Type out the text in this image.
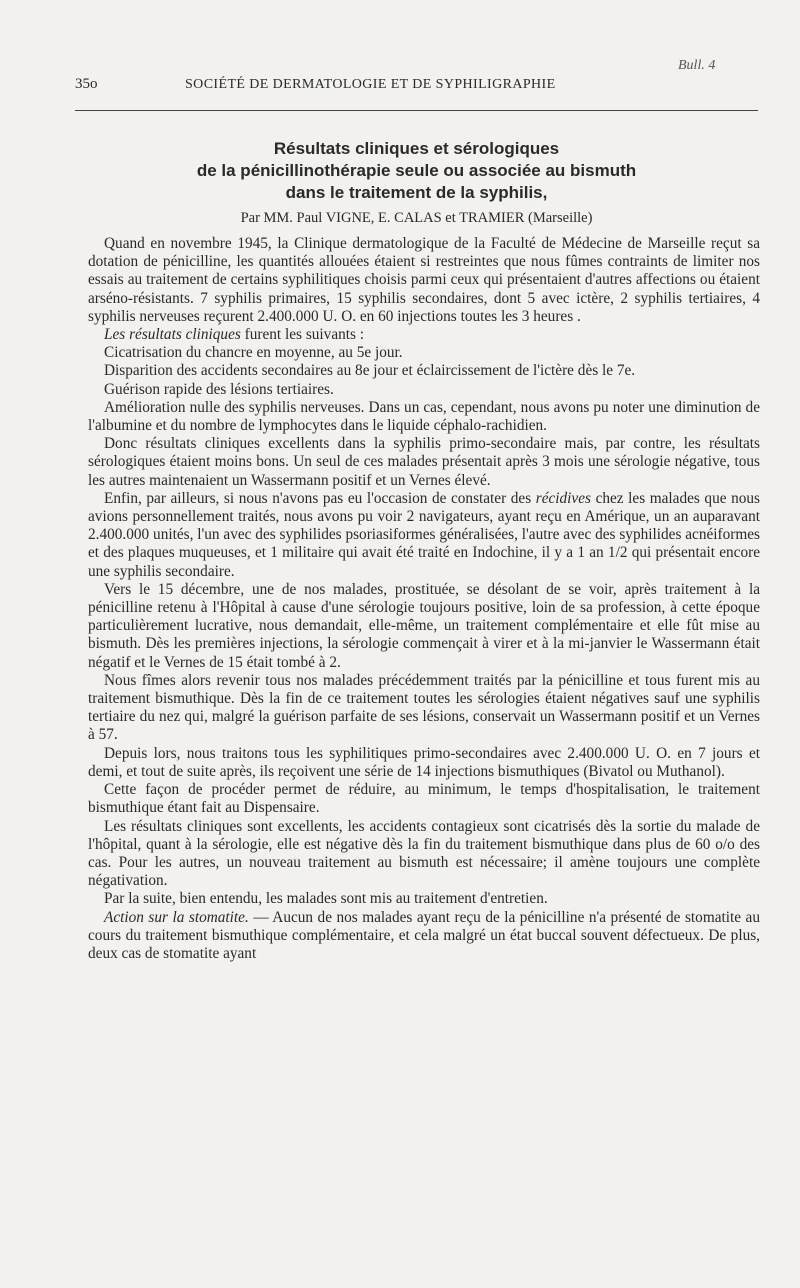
Bull. 4
35o	SOCIÉTÉ DE DERMATOLOGIE ET DE SYPHILIGRAPHIE
Résultats cliniques et sérologiques
de la pénicillinothérapie seule ou associée au bismuth
dans le traitement de la syphilis,
Par MM. Paul VIGNE, E. CALAS et TRAMIER (Marseille)

Quand en novembre 1945, la Clinique dermatologique de la Faculté de Médecine de Marseille reçut sa dotation de pénicilline, les quantités allouées étaient si restreintes que nous fûmes contraints de limiter nos essais au traitement de certains syphilitiques choisis parmi ceux qui présentaient d'autres affections ou étaient arséno-résistants. 7 syphilis primaires, 15 syphilis secondaires, dont 5 avec ictère, 2 syphilis tertiaires, 4 syphilis nerveuses reçurent 2.400.000 U. O. en 60 injections toutes les 3 heures .

Les résultats cliniques furent les suivants :

Cicatrisation du chancre en moyenne, au 5e jour.

Disparition des accidents secondaires au 8e jour et éclaircissement de l'ictère dès le 7e.

Guérison rapide des lésions tertiaires.

Amélioration nulle des syphilis nerveuses. Dans un cas, cependant, nous avons pu noter une diminution de l'albumine et du nombre de lymphocytes dans le liquide céphalo-rachidien.

Donc résultats cliniques excellents dans la syphilis primo-secondaire mais, par contre, les résultats sérologiques étaient moins bons. Un seul de ces malades présentait après 3 mois une sérologie négative, tous les autres maintenaient un Wassermann positif et un Vernes élevé.

Enfin, par ailleurs, si nous n'avons pas eu l'occasion de constater des récidives chez les malades que nous avions personnellement traités, nous avons pu voir 2 navigateurs, ayant reçu en Amérique, un an auparavant 2.400.000 unités, l'un avec des syphilides psoriasiformes généralisées, l'autre avec des syphilides acnéiformes et des plaques muqueuses, et 1 militaire qui avait été traité en Indochine, il y a 1 an 1/2 qui présentait encore une syphilis secondaire.

Vers le 15 décembre, une de nos malades, prostituée, se désolant de se voir, après traitement à la pénicilline retenu à l'Hôpital à cause d'une sérologie toujours positive, loin de sa profession, à cette époque particulièrement lucrative, nous demandait, elle-même, un traitement complémentaire et elle fût mise au bismuth. Dès les premières injections, la sérologie commençait à virer et à la mi-janvier le Wassermann était négatif et le Vernes de 15 était tombé à 2.

Nous fîmes alors revenir tous nos malades précédemment traités par la pénicilline et tous furent mis au traitement bismuthique. Dès la fin de ce traitement toutes les sérologies étaient négatives sauf une syphilis tertiaire du nez qui, malgré la guérison parfaite de ses lésions, conservait un Wassermann positif et un Vernes à 57.

Depuis lors, nous traitons tous les syphilitiques primo-secondaires avec 2.400.000 U. O. en 7 jours et demi, et tout de suite après, ils reçoivent une série de 14 injections bismuthiques (Bivatol ou Muthanol).

Cette façon de procéder permet de réduire, au minimum, le temps d'hospitalisation, le traitement bismuthique étant fait au Dispensaire.

Les résultats cliniques sont excellents, les accidents contagieux sont cicatrisés dès la sortie du malade de l'hôpital, quant à la sérologie, elle est négative dès la fin du traitement bismuthique dans plus de 60 o/o des cas. Pour les autres, un nouveau traitement au bismuth est nécessaire; il amène toujours une complète négativation.

Par la suite, bien entendu, les malades sont mis au traitement d'entretien.

Action sur la stomatite. — Aucun de nos malades ayant reçu de la pénicilline n'a présenté de stomatite au cours du traitement bismuthique complémentaire, et cela malgré un état buccal souvent défectueux. De plus, deux cas de stomatite ayant
